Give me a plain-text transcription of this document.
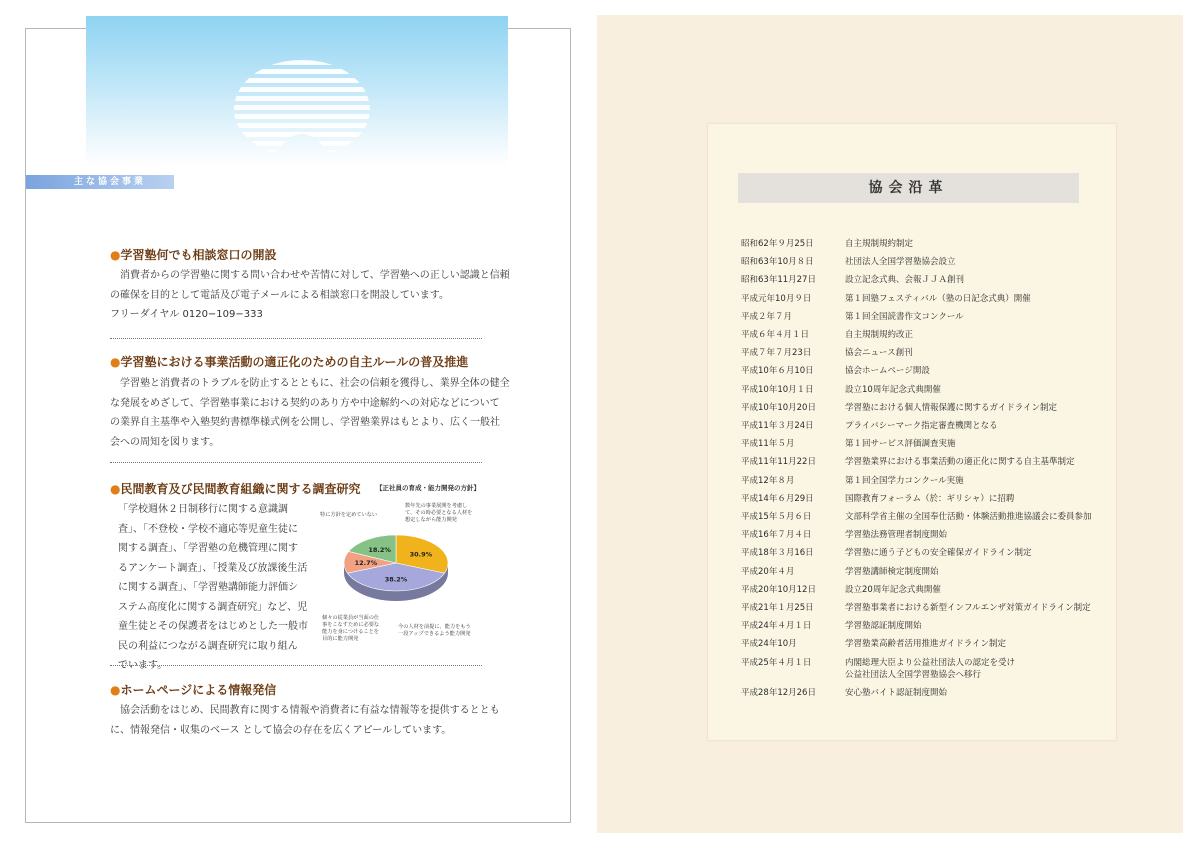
主な協会事業
●学習塾何でも相談窓口の開設
　消費者からの学習塾に関する問い合わせや苦情に対して、学習塾への正しい認識と信頼
の確保を目的として電話及び電子メールによる相談窓口を開設しています。
フリーダイヤル 0120−109−333
●学習塾における事業活動の適正化のための自主ルールの普及推進
　学習塾と消費者のトラブルを防止するとともに、社会の信頼を獲得し、業界全体の健全
な発展をめざして、学習塾事業における契約のあり方や中途解約への対応などについて
の業界自主基準や入塾契約書標準様式例を公開し、学習塾業界はもとより、広く一般社
会への周知を図ります。
●民間教育及び民間教育組織に関する調査研究
「学校週休２日制移行に関する意識調
査」、「不登校・学校不適応等児童生徒に
関する調査」、「学習塾の危機管理に関す
るアンケート調査」、「授業及び放課後生活
に関する調査」、「学習塾講師能力評価シ
ステム高度化に関する調査研究」など、児
童生徒とその保護者をはじめとした一般市
民の利益につながる調査研究に取り組ん
でいます。
【正社員の育成・能力開発の方針】
30.9%
38.2%
12.7%
18.2%
特に方針を定めていない
数年先の事業展開を考慮して、その時必要となる人材を想定しながら能力開発
個々の従業員が当面の仕事をこなすために必要な能力を身につけることを目的に能力開発
今の人材を前提に、能力をもう一段アップできるよう能力開発
●ホームページによる情報発信
　協会活動をはじめ、民間教育に関する情報や消費者に有益な情報等を提供するととも
に、情報発信・収集のベース として協会の存在を広くアピールしています。
協会沿革
昭和62年９月25日	自主規制規約制定
昭和63年10月８日	社団法人全国学習塾協会設立
昭和63年11月27日	設立記念式典、会報ＪＪＡ創刊
平成元年10月９日	第１回塾フェスティバル（塾の日記念式典）開催
平成２年７月	第１回全国読書作文コンクール
平成６年４月１日	自主規制規約改正
平成７年７月23日	協会ニュース創刊
平成10年６月10日	協会ホームページ開設
平成10年10月１日	設立10周年記念式典開催
平成10年10月20日	学習塾における個人情報保護に関するガイドライン制定
平成11年３月24日	プライバシーマーク指定審査機関となる
平成11年５月	第１回サービス評価調査実施
平成11年11月22日	学習塾業界における事業活動の適正化に関する自主基準制定
平成12年８月	第１回全国学力コンクール実施
平成14年６月29日	国際教育フォーラム（於：ギリシャ）に招聘
平成15年５月６日	文部科学省主催の全国奉仕活動・体験活動推進協議会に委員参加
平成16年７月４日	学習塾法務管理者制度開始
平成18年３月16日	学習塾に通う子どもの安全確保ガイドライン制定
平成20年４月	学習塾講師検定制度開始
平成20年10月12日	設立20周年記念式典開催
平成21年１月25日	学習塾事業者における新型インフルエンザ対策ガイドライン制定
平成24年４月１日	学習塾認証制度開始
平成24年10月	学習塾業高齢者活用推進ガイドライン制定
平成25年４月１日	内閣総理大臣より公益社団法人の認定を受け
公益社団法人全国学習塾協会へ移行
平成28年12月26日	安心塾バイト認証制度開始
